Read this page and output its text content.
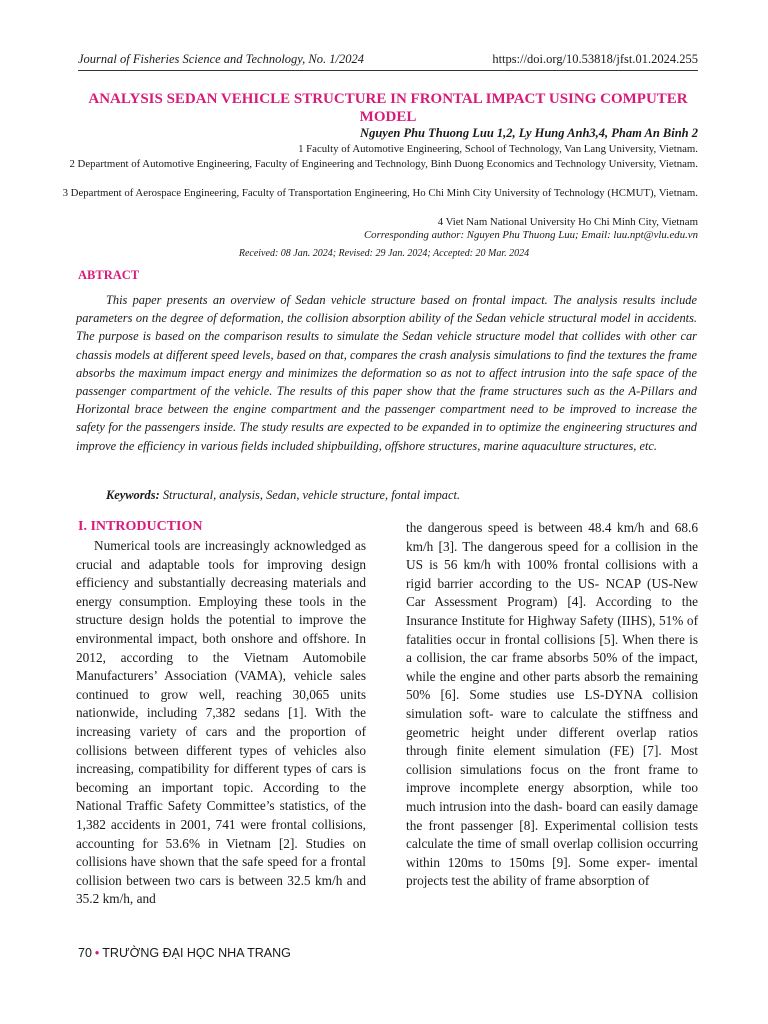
Journal of Fisheries Science and Technology, No. 1/2024	https://doi.org/10.53818/jfst.01.2024.255
ANALYSIS SEDAN VEHICLE STRUCTURE IN FRONTAL IMPACT USING COMPUTER MODEL
Nguyen Phu Thuong Luu 1,2, Ly Hung Anh3,4, Pham An Binh 2
1 Faculty of Automotive Engineering, School of Technology, Van Lang University, Vietnam.
2 Department of Automotive Engineering, Faculty of Engineering and Technology, Binh Duong Economics and Technology University, Vietnam.
3 Department of Aerospace Engineering, Faculty of Transportation Engineering, Ho Chi Minh City University of Technology (HCMUT), Vietnam.
4 Viet Nam National University Ho Chi Minh City, Vietnam
Corresponding author: Nguyen Phu Thuong Luu; Email: luu.npt@vlu.edu.vn
Received: 08 Jan. 2024; Revised: 29 Jan. 2024; Accepted: 20 Mar. 2024
ABTRACT

This paper presents an overview of Sedan vehicle structure based on frontal impact. The analysis results include parameters on the degree of deformation, the collision absorption ability of the Sedan vehicle structural model in accidents. The purpose is based on the comparison results to simulate the Sedan vehicle structure model that collides with other car chassis models at different speed levels, based on that, compares the crash analysis simulations to find the textures the frame absorbs the maximum impact energy and minimizes the deformation so as not to affect intrusion into the safe space of the passenger compartment of the vehicle. The results of this paper show that the frame structures such as the A-Pillars and Horizontal brace between the engine compartment and the passenger compartment need to be improved to increase the safety for the passengers inside. The study results are expected to be expanded in to optimize the engineering structures and improve the efficiency in various fields included shipbuilding, offshore structures, marine aquaculture structures, etc.

Keywords: Structural, analysis, Sedan, vehicle structure, fontal impact.

I. INTRODUCTION

Numerical tools are increasingly acknowledged as crucial and adaptable tools for improving design efficiency and substantially decreasing materials and energy consumption. Employing these tools in the structure design holds the potential to improve the environmental impact, both onshore and offshore. In 2012, according to the Vietnam Automobile Manufacturers’ Association (VAMA), vehicle sales continued to grow well, reaching 30,065 units nationwide, including 7,382 sedans [1]. With the increasing variety of cars and the proportion of collisions between different types of vehicles also increasing, compatibility for different types of cars is becoming an important topic. According to the National Traffic Safety Committee’s statistics, of the 1,382 accidents in 2001, 741 were frontal collisions, accounting for 53.6% in Vietnam [2]. Studies on collisions have shown that the safe speed for a frontal collision between two cars is between 32.5 km/h and 35.2 km/h, and

the dangerous speed is between 48.4 km/h and 68.6 km/h [3]. The dangerous speed for a collision in the US is 56 km/h with 100% frontal collisions with a rigid barrier according to the US- NCAP (US-New Car Assessment Program) [4]. According to the Insurance Institute for Highway Safety (IIHS), 51% of fatalities occur in frontal collisions [5]. When there is a collision, the car frame absorbs 50% of the impact, while the engine and other parts absorb the remaining 50% [6]. Some studies use LS-DYNA collision simulation soft- ware to calculate the stiffness and geometric height under different overlap ratios through finite element simulation (FE) [7]. Most collision simulations focus on the front frame to improve incomplete energy absorption, while too much intrusion into the dash- board can easily damage the front passenger [8]. Experimental collision tests calculate the time of small overlap collision occurring within 120ms to 150ms [9]. Some exper- imental projects test the ability of frame absorption of

70 • TRƯỜNG ĐẠI HỌC NHA TRANG
